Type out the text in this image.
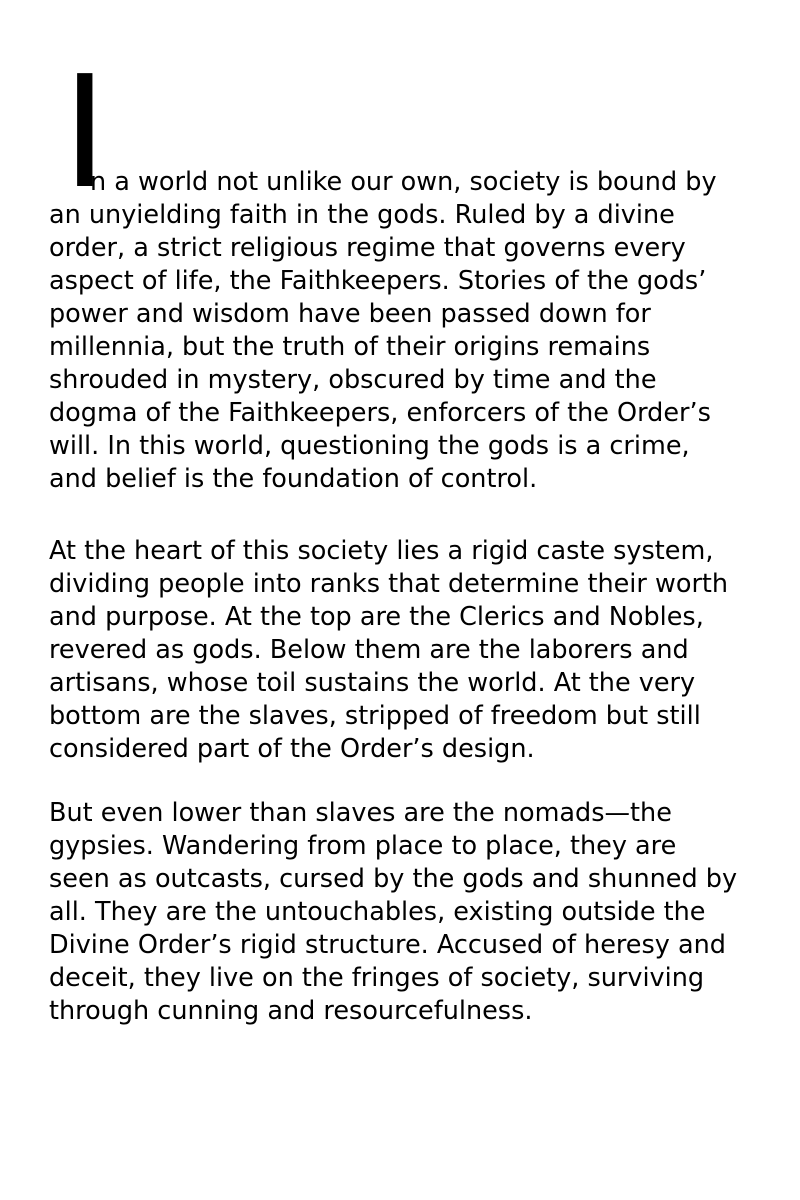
I
n a world not unlike our own, society is bound by
an unyielding faith in the gods. Ruled by a divine
order, a strict religious regime that governs every
aspect of life, the Faithkeepers. Stories of the gods’
power and wisdom have been passed down for
millennia, but the truth of their origins remains
shrouded in mystery, obscured by time and the
dogma of the Faithkeepers, enforcers of the Order’s
will. In this world, questioning the gods is a crime,
and belief is the foundation of control.
At the heart of this society lies a rigid caste system,
dividing people into ranks that determine their worth
and purpose. At the top are the Clerics and Nobles,
revered as gods. Below them are the laborers and
artisans, whose toil sustains the world. At the very
bottom are the slaves, stripped of freedom but still
considered part of the Order’s design.
But even lower than slaves are the nomads—the
gypsies. Wandering from place to place, they are
seen as outcasts, cursed by the gods and shunned by
all. They are the untouchables, existing outside the
Divine Order’s rigid structure. Accused of heresy and
deceit, they live on the fringes of society, surviving
through cunning and resourcefulness.
